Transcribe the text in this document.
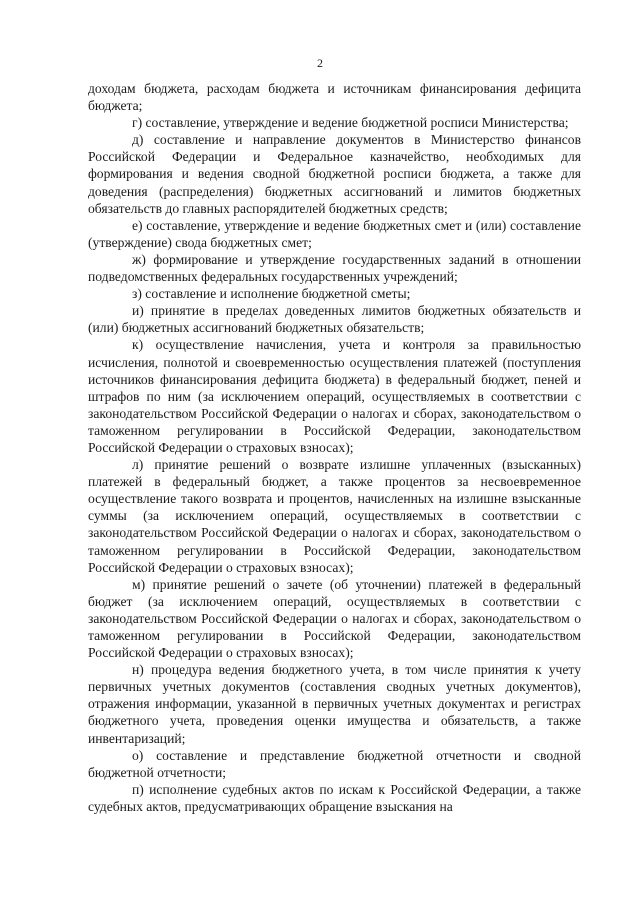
2

доходам бюджета, расходам бюджета и источникам финансирования дефицита бюджета;

г) составление, утверждение и ведение бюджетной росписи Министерства;

д) составление и направление документов в Министерство финансов Российской Федерации и Федеральное казначейство, необходимых для формирования и ведения сводной бюджетной росписи бюджета, а также для доведения (распределения) бюджетных ассигнований и лимитов бюджетных обязательств до главных распорядителей бюджетных средств;

е) составление, утверждение и ведение бюджетных смет и (или) составление (утверждение) свода бюджетных смет;

ж) формирование и утверждение государственных заданий в отношении подведомственных федеральных государственных учреждений;

з) составление и исполнение бюджетной сметы;

и) принятие в пределах доведенных лимитов бюджетных обязательств и (или) бюджетных ассигнований бюджетных обязательств;

к) осуществление начисления, учета и контроля за правильностью исчисления, полнотой и своевременностью осуществления платежей (поступления источников финансирования дефицита бюджета) в федеральный бюджет, пеней и штрафов по ним (за исключением операций, осуществляемых в соответствии с законодательством Российской Федерации о налогах и сборах, законодательством о таможенном регулировании в Российской Федерации, законодательством Российской Федерации о страховых взносах);

л) принятие решений о возврате излишне уплаченных (взысканных) платежей в федеральный бюджет, а также процентов за несвоевременное осуществление такого возврата и процентов, начисленных на излишне взысканные суммы (за исключением операций, осуществляемых в соответствии с законодательством Российской Федерации о налогах и сборах, законодательством о таможенном регулировании в Российской Федерации, законодательством Российской Федерации о страховых взносах);

м) принятие решений о зачете (об уточнении) платежей в федеральный бюджет (за исключением операций, осуществляемых в соответствии с законодательством Российской Федерации о налогах и сборах, законодательством о таможенном регулировании в Российской Федерации, законодательством Российской Федерации о страховых взносах);

н) процедура ведения бюджетного учета, в том числе принятия к учету первичных учетных документов (составления сводных учетных документов), отражения информации, указанной в первичных учетных документах и регистрах бюджетного учета, проведения оценки имущества и обязательств, а также инвентаризаций;

о) составление и представление бюджетной отчетности и сводной бюджетной отчетности;

п) исполнение судебных актов по искам к Российской Федерации, а также судебных актов, предусматривающих обращение взыскания на
